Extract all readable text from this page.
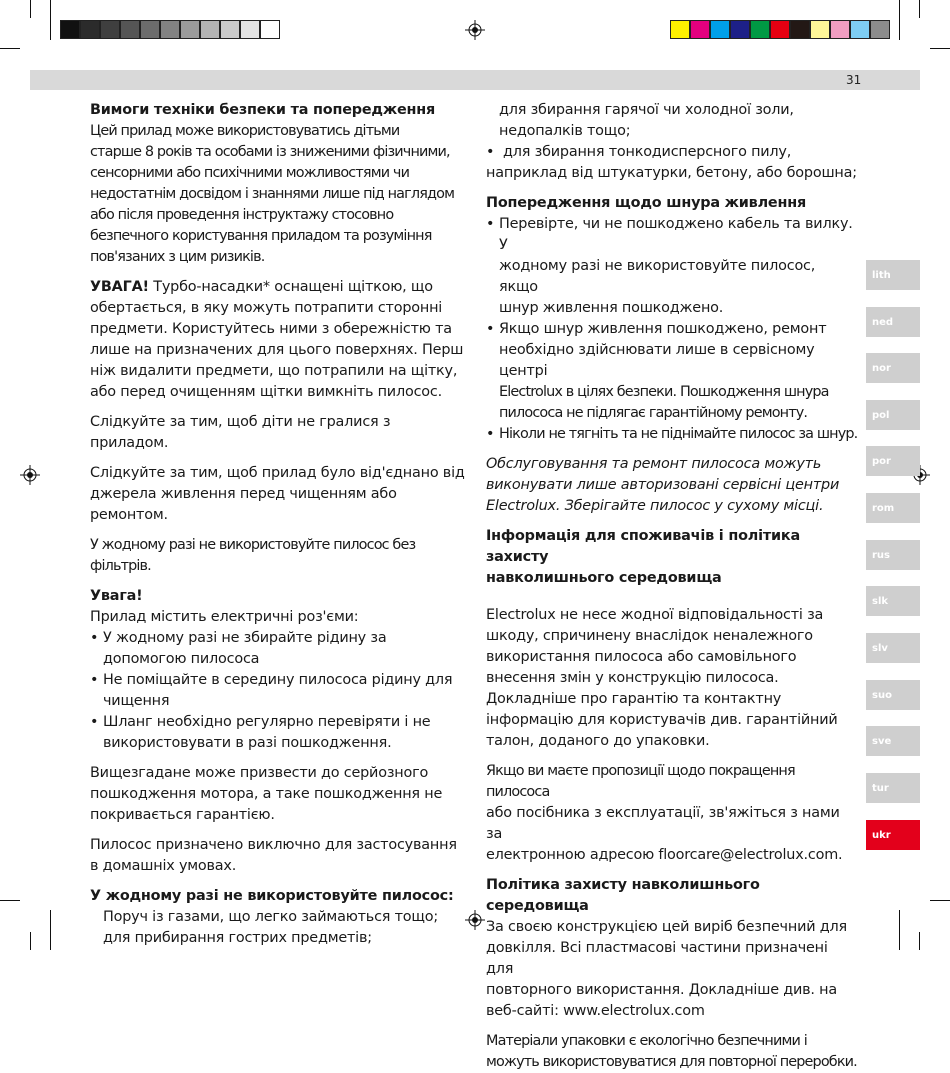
31

Вимоги техніки безпеки та попередження

Цей прилад може використовуватись дітьми

старше 8 років та особами із зниженими фізичними,

сенсорними або психічними можливостями чи

недостатнім досвідом і знаннями лише під наглядом

або після проведення інструктажу стосовно

безпечного користування приладом та розуміння

пов'язаних з цим ризиків.

УВАГА! Турбо-насадки* оснащені щіткою, що

обертається, в яку можуть потрапити сторонні

предмети. Користуйтесь ними з обережністю та

лише на призначених для цього поверхнях. Перш

ніж видалити предмети, що потрапили на щітку,

або перед очищенням щітки вимкніть пилосос.

Слідкуйте за тим, щоб діти не гралися з приладом.

Слідкуйте за тим, щоб прилад було від'єднано від

джерела живлення перед чищенням або ремонтом.

У жодному разі не використовуйте пилосос без фільтрів.

Увага!

Прилад містить електричні роз'єми:

• У жодному разі не збирайте рідину за

допомогою пилососа

• Не поміщайте в середину пилососа рідину для

чищення

• Шланг необхідно регулярно перевіряти і не

використовувати в разі пошкодження.

Вищезгадане може призвести до серйозного

пошкодження мотора, а таке пошкодження не

покривається гарантією.

Пилосос призначено виключно для застосування

в домашніх умовах.

У жодному разі не використовуйте пилосос:

Поруч із газами, що легко займаються тощо;

для прибирання гострих предметів;

для збирання гарячої чи холодної золи,

недопалків тощо;

•  для збирання тонкодисперсного пилу,

наприклад від штукатурки, бетону, або борошна;

Попередження щодо шнура живлення

• Перевірте, чи не пошкоджено кабель та вилку. У

жодному разі не використовуйте пилосос, якщо

шнур живлення пошкоджено.

• Якщо шнур живлення пошкоджено, ремонт

необхідно здійснювати лише в сервісному центрі

Electrolux в цілях безпеки. Пошкодження шнура

пилососа не підлягає гарантійному ремонту.

• Ніколи не тягніть та не піднімайте пилосос за шнур.

Обслуговування та ремонт пилососа можуть

виконувати лише авторизовані сервісні центри

Electrolux. Зберігайте пилосос у сухому місці.

Інформація для споживачів і політика захисту

навколишнього середовища

Electrolux не несе жодної відповідальності за

шкоду, спричинену внаслідок неналежного

використання пилососа або самовільного

внесення змін у конструкцію пилососа.

Докладніше про гарантію та контактну

інформацію для користувачів див. гарантійний

талон, доданого до упаковки.

Якщо ви маєте пропозиції щодо покращення пилососа

або посібника з експлуатації, зв'яжіться з нами за

електронною адресою floorcare@electrolux.com.

Політика захисту навколишнього середовища

За своєю конструкцією цей виріб безпечний для

довкілля. Всі пластмасові частини призначені для

повторного використання. Докладніше див. на

веб-сайті: www.electrolux.com

Матеріали упаковки є екологічно безпечними і

можуть використовуватися для повторної переробки.

lith
ned
nor
pol
por
rom
rus
slk
slv
suo
sve
tur
ukr
